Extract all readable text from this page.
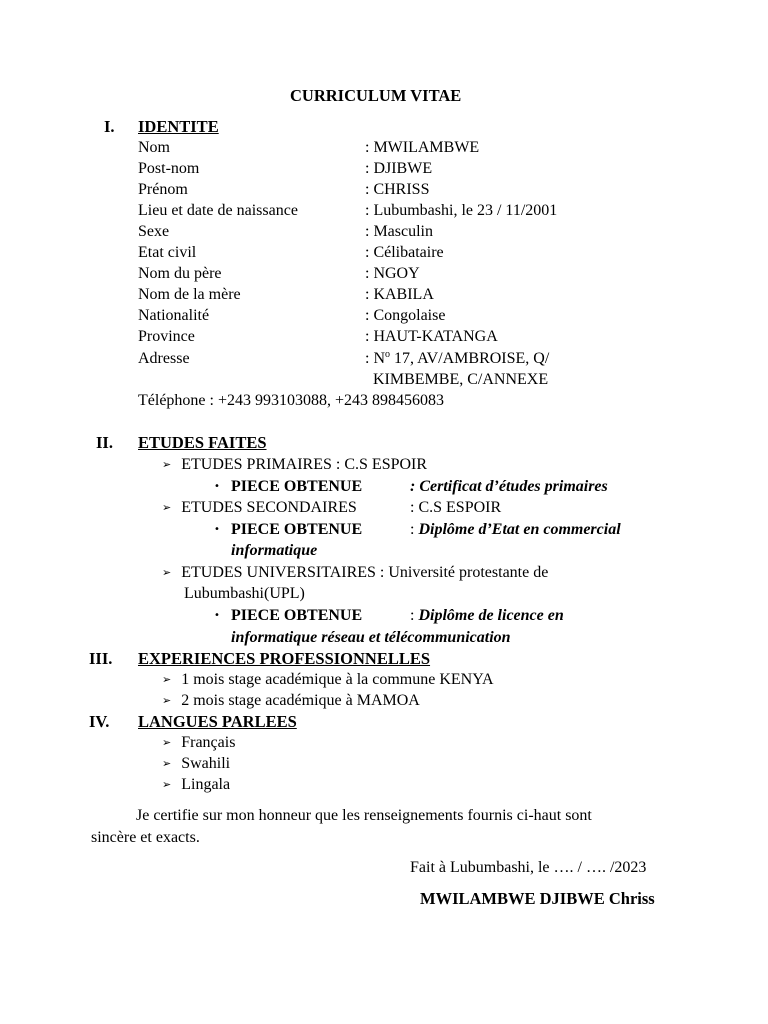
CURRICULUM VITAE
I. IDENTITE
Nom	: MWILAMBWE
Post-nom	: DJIBWE
Prénom	: CHRISS
Lieu et date de naissance	: Lubumbashi, le 23 / 11/2001
Sexe	: Masculin
Etat civil	: Célibataire
Nom du père	: NGOY
Nom de la mère	: KABILA
Nationalité	: Congolaise
Province	: HAUT-KATANGA
Adresse	: $N^o$ 17, AV/AMBROISE, Q/
KIMBEMBE, C/ANNEXE
Téléphone : +243 993103088, +243 898456083
II. ETUDES FAITES
➢ ETUDES PRIMAIRES : C.S ESPOIR
• PIECE OBTENUE	: Certificat d’études primaires
➢ ETUDES SECONDAIRES	: C.S ESPOIR
• PIECE OBTENUE	: Diplôme d’Etat en commercial
informatique
➢ ETUDES UNIVERSITAIRES : Université protestante de
Lubumbashi(UPL)
• PIECE OBTENUE	: Diplôme de licence en
informatique réseau et télécommunication
III. EXPERIENCES PROFESSIONNELLES
➢ 1 mois stage académique à la commune KENYA
➢ 2 mois stage académique à MAMOA
IV. LANGUES PARLEES
➢ Français
➢ Swahili
➢ Lingala
Je certifie sur mon honneur que les renseignements fournis ci-haut sont
sincère et exacts.
Fait à Lubumbashi, le …. / …. /2023
MWILAMBWE DJIBWE Chriss
